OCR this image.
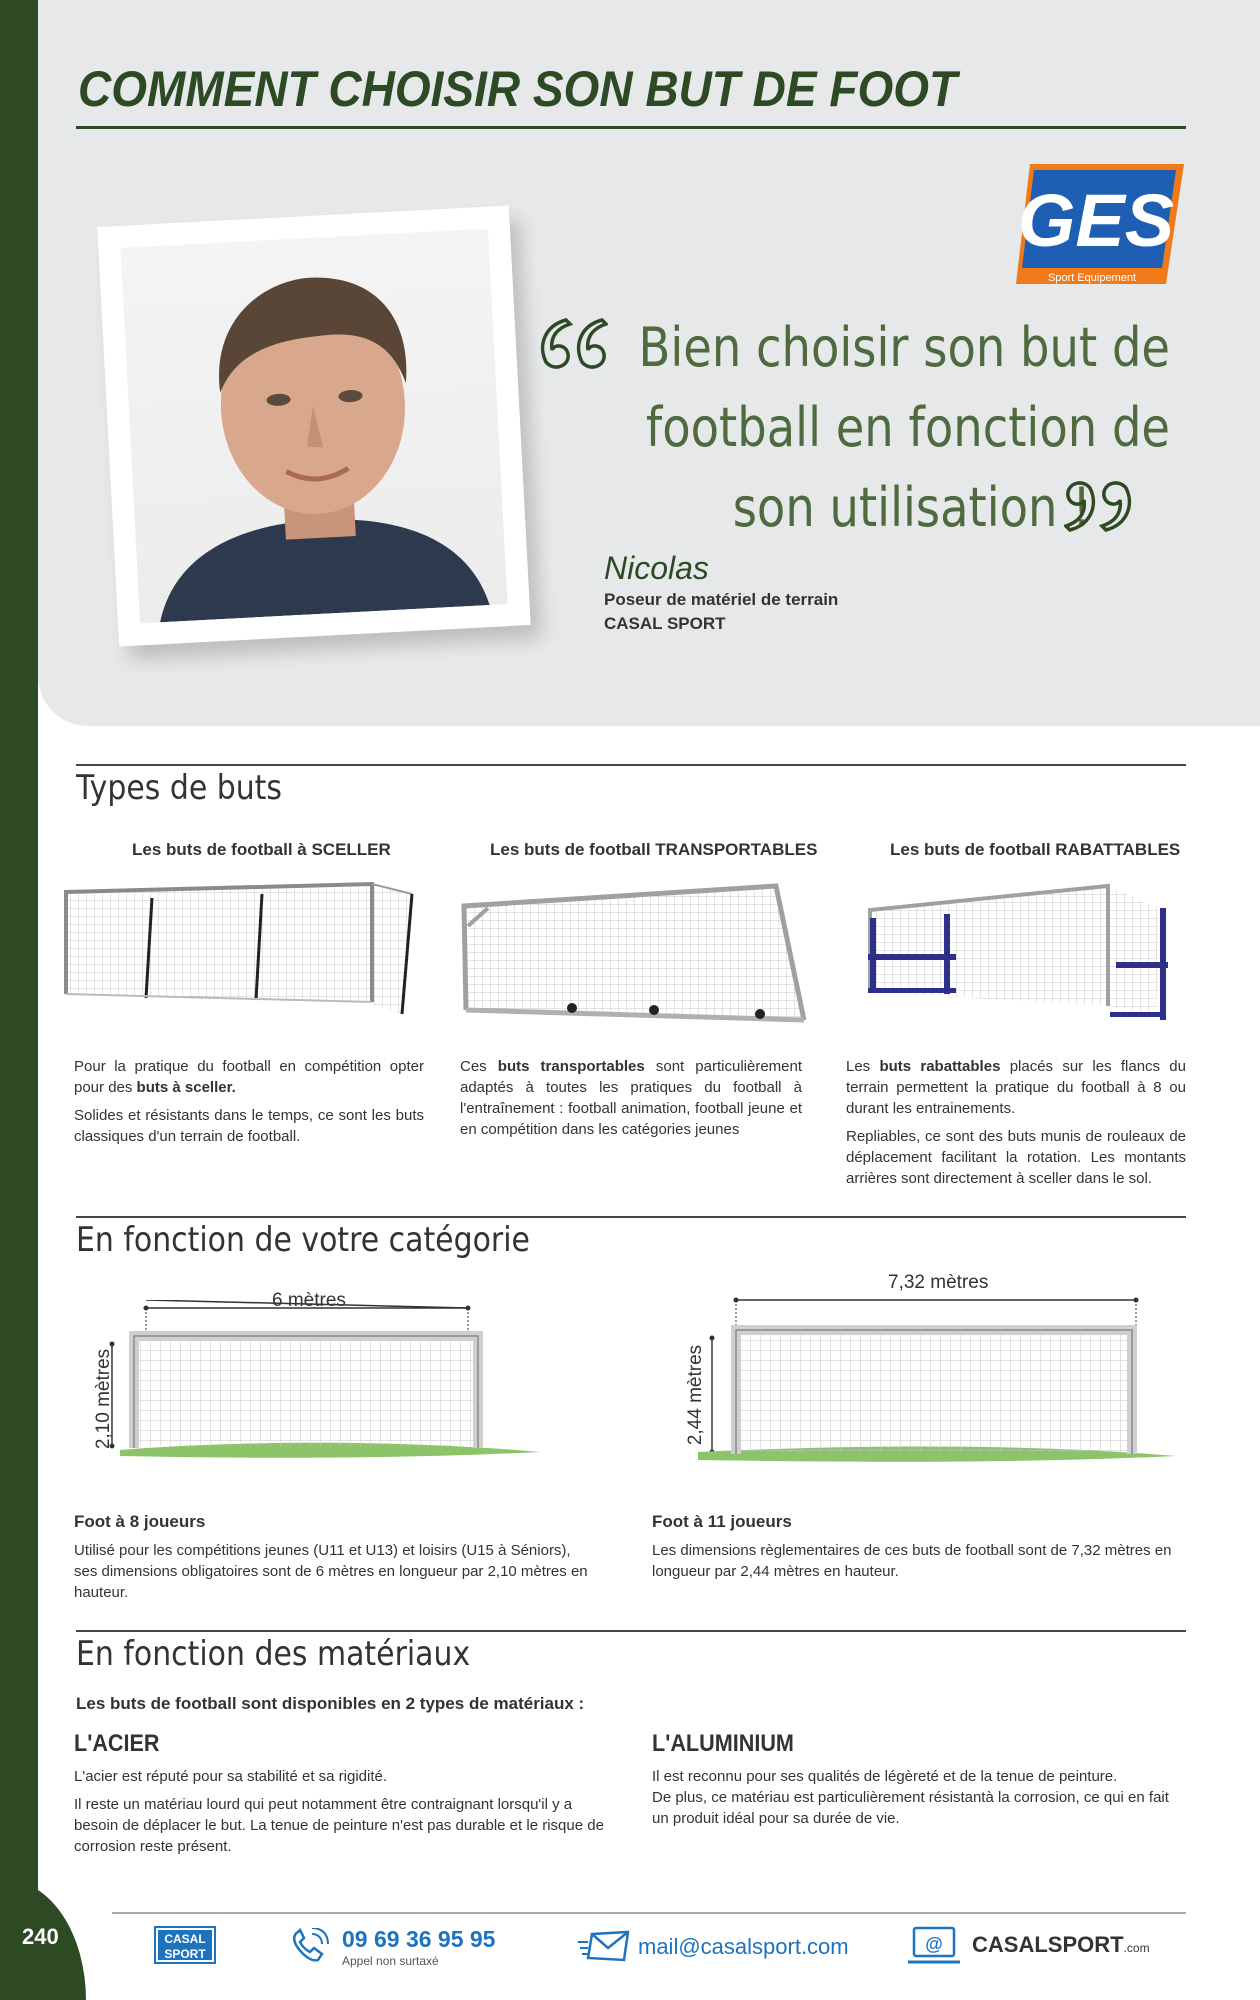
240
COMMENT CHOISIR SON BUT DE FOOT
GES
Sport Equipement
Bien choisir son but de
football en fonction de
son utilisation !
Nicolas
Poseur de matériel de terrain
CASAL SPORT
Types de buts
Les buts de football à SCELLER	Les buts de football TRANSPORTABLES	Les buts de football RABATTABLES

Pour la pratique du football en compétition opter pour des buts à sceller.

Solides et résistants dans le temps, ce sont les buts classiques d'un terrain de football.

Ces buts transportables sont particulièrement adaptés à toutes les pratiques du football à l'entraînement : football animation, football jeune et en compétition dans les catégories jeunes

Les buts rabattables placés sur les flancs du terrain permettent la pratique du football à 8 ou durant les entrainements.

Repliables, ce sont des buts munis de rouleaux de déplacement facilitant la rotation. Les montants arrières sont directement à sceller dans le sol.

En fonction de votre catégorie
6 mètres
2,10 mètres
7,32 mètres
2,44 mètres
Foot à 8 joueurs
Utilisé pour les compétitions jeunes (U11 et U13) et loisirs (U15 à Séniors), ses dimensions obligatoires sont de 6 mètres en longueur par 2,10 mètres en hauteur.
Foot à 11 joueurs
Les dimensions règlementaires de ces buts de football sont de 7,32 mètres en longueur par 2,44 mètres en hauteur.
En fonction des matériaux
Les buts de football sont disponibles en 2 types de matériaux :
L'ACIER

L'acier est réputé pour sa stabilité et sa rigidité.

Il reste un matériau lourd qui peut notamment être contraignant lorsqu'il y a besoin de déplacer le but. La tenue de peinture n'est pas durable et le risque de corrosion reste présent.

L'ALUMINIUM

Il est reconnu pour ses qualités de légèreté et de la tenue de peinture.

De plus, ce matériau est particulièrement résistantà la corrosion, ce qui en fait un produit idéal pour sa durée de vie.

CASAL
SPORT
09 69 36 95 95
Appel non surtaxé
mail@casalsport.com	@ CASALSPORT.com
